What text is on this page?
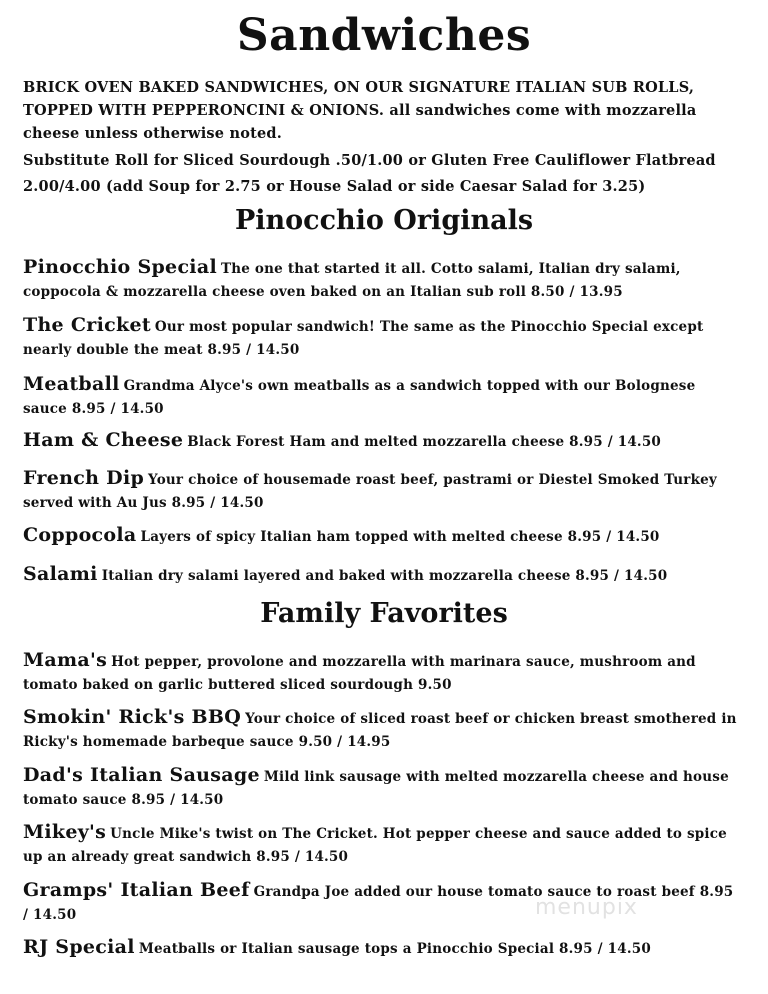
Sandwiches
BRICK OVEN BAKED SANDWICHES, ON OUR SIGNATURE ITALIAN SUB ROLLS, TOPPED WITH PEPPERONCINI & ONIONS. all sandwiches come with mozzarella cheese unless otherwise noted.
Substitute Roll for Sliced Sourdough .50/1.00 or Gluten Free Cauliflower Flatbread 2.00/4.00 (add Soup for 2.75 or House Salad or side Caesar Salad for 3.25)
Pinocchio Originals
Pinocchio Special The one that started it all. Cotto salami, Italian dry salami, coppocola & mozzarella cheese oven baked on an Italian sub roll 8.50 / 13.95
The Cricket Our most popular sandwich! The same as the Pinocchio Special except nearly double the meat 8.95 / 14.50
Meatball Grandma Alyce's own meatballs as a sandwich topped with our Bolognese sauce 8.95 / 14.50
Ham & Cheese Black Forest Ham and melted mozzarella cheese 8.95 / 14.50
French Dip Your choice of housemade roast beef, pastrami or Diestel Smoked Turkey served with Au Jus 8.95 / 14.50
Coppocola Layers of spicy Italian ham topped with melted cheese 8.95 / 14.50
Salami Italian dry salami layered and baked with mozzarella cheese 8.95 / 14.50
Family Favorites
Mama's Hot pepper, provolone and mozzarella with marinara sauce, mushroom and tomato baked on garlic buttered sliced sourdough 9.50
Smokin' Rick's BBQ Your choice of sliced roast beef or chicken breast smothered in Ricky's homemade barbeque sauce 9.50 / 14.95
Dad's Italian Sausage Mild link sausage with melted mozzarella cheese and house tomato sauce 8.95 / 14.50
Mikey's Uncle Mike's twist on The Cricket. Hot pepper cheese and sauce added to spice up an already great sandwich 8.95 / 14.50
Gramps' Italian Beef Grandpa Joe added our house tomato sauce to roast beef 8.95 / 14.50
RJ Special Meatballs or Italian sausage tops a Pinocchio Special 8.95 / 14.50
menupix
